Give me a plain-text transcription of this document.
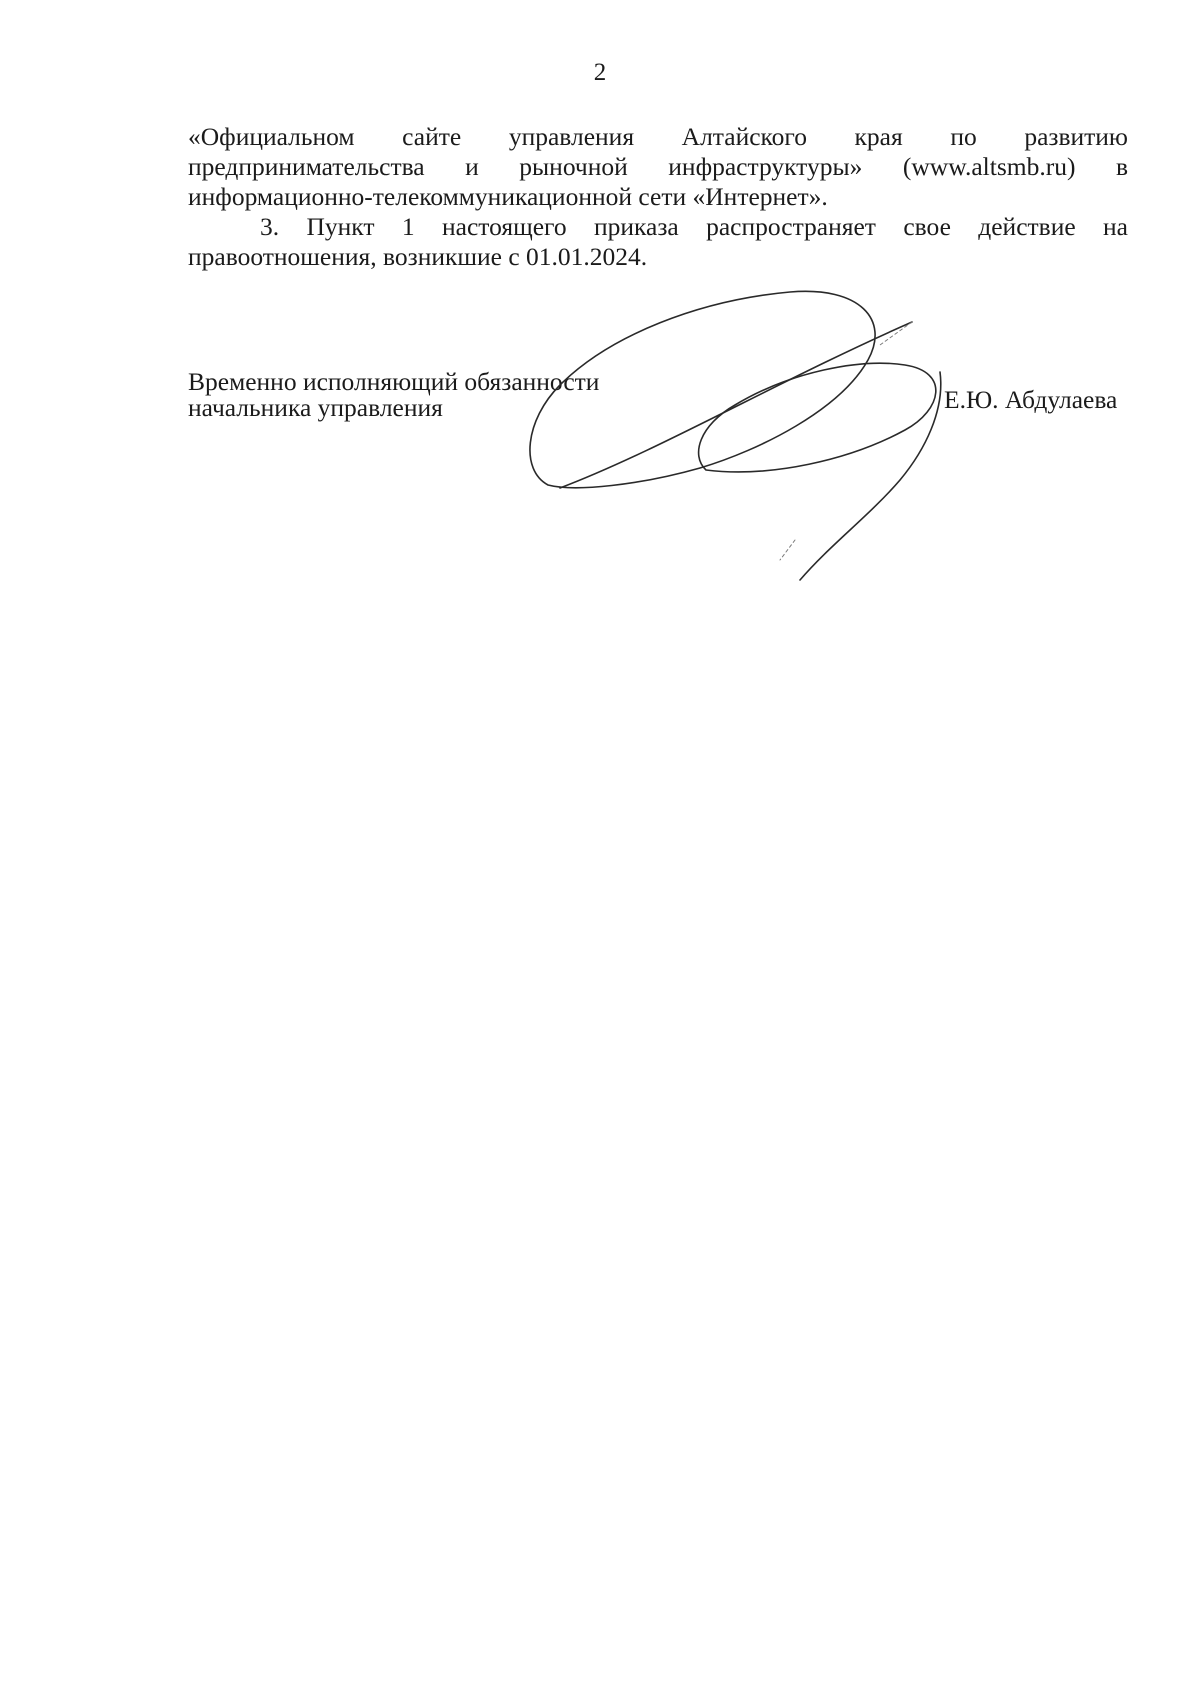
2
«Официальном сайте управления Алтайского края по развитию
предпринимательства и рыночной инфраструктуры» (www.altsmb.ru) в
информационно-телекоммуникационной сети «Интернет».
3. Пункт 1 настоящего приказа распространяет свое действие на
правоотношения, возникшие с 01.01.2024.
Временно исполняющий обязанности
начальника управления	Е.Ю. Абдулаева
